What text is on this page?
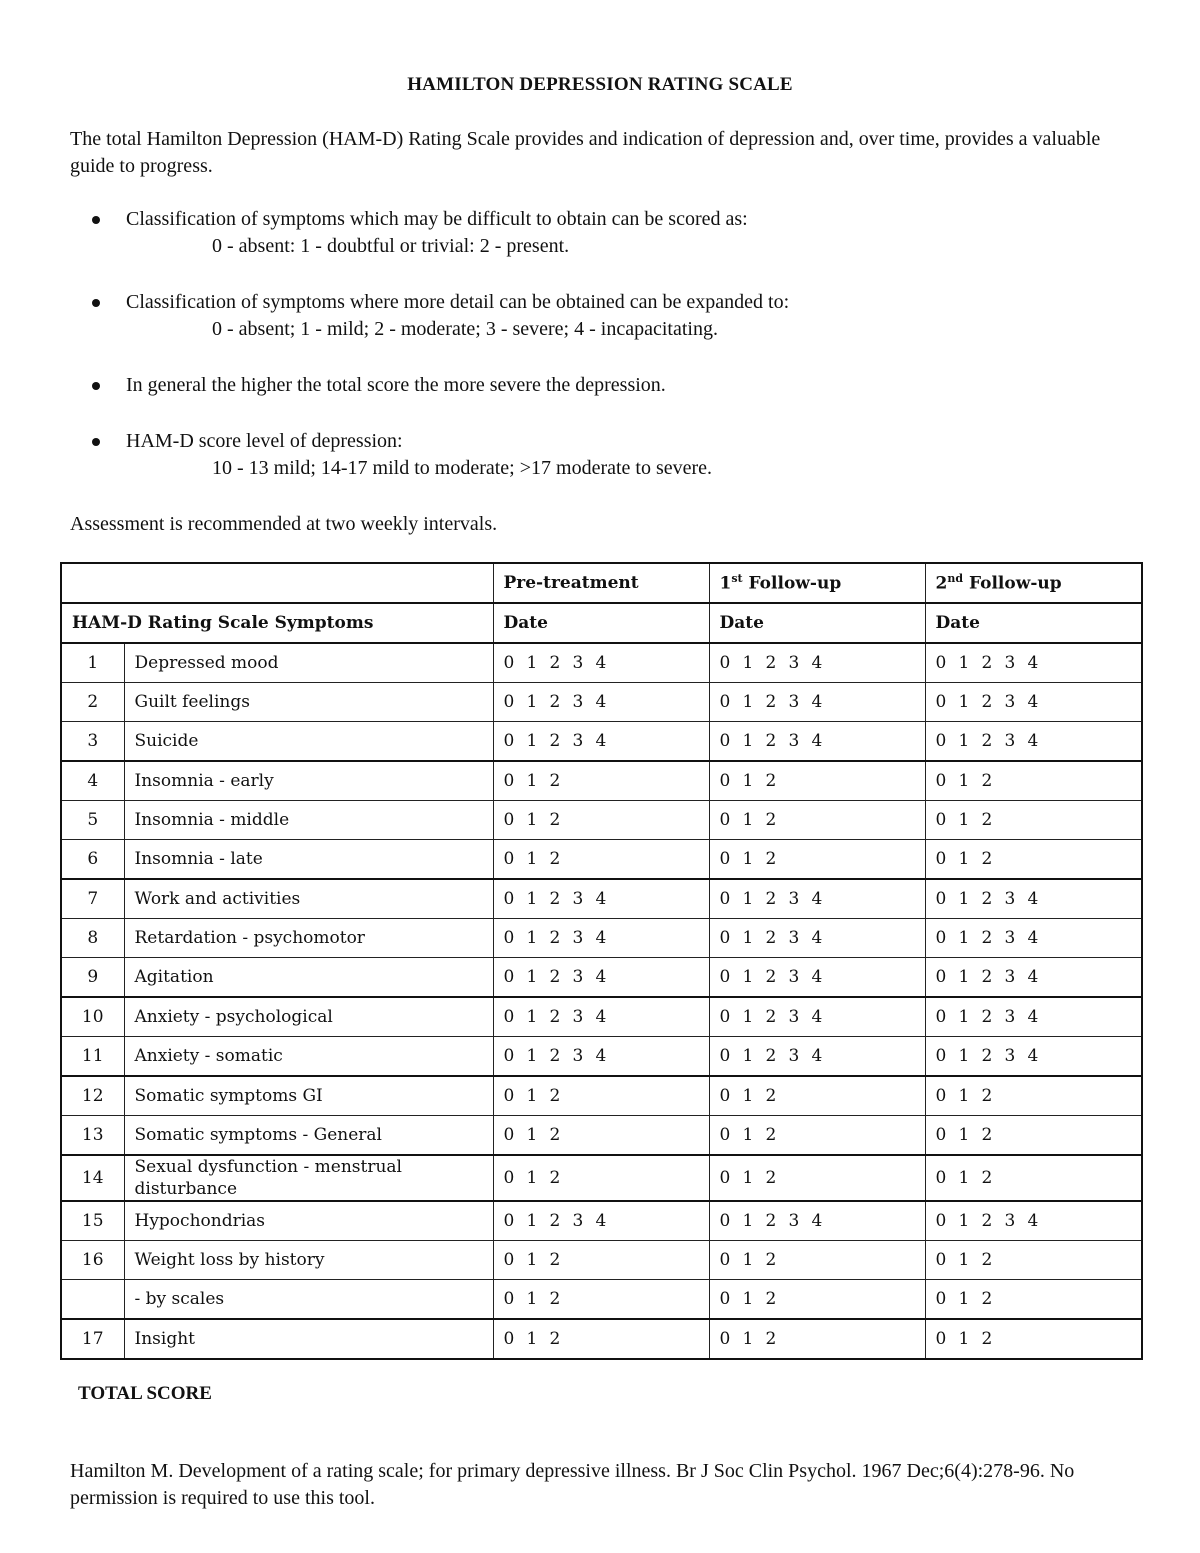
HAMILTON DEPRESSION RATING SCALE
The total Hamilton Depression (HAM-D) Rating Scale provides and indication of depression and, over time, provides a valuable guide to progress.
Classification of symptoms which may be difficult to obtain can be scored as:
0 - absent: 1 - doubtful or trivial: 2 - present.
Classification of symptoms where more detail can be obtained can be expanded to:
0 - absent; 1 - mild; 2 - moderate; 3 - severe; 4 - incapacitating.
In general the higher the total score the more severe the depression.
HAM-D score level of depression:
10 - 13 mild; 14-17 mild to moderate; >17 moderate to severe.
Assessment is recommended at two weekly intervals.
		Pre-treatment	1st Follow-up	2nd Follow-up
HAM-D Rating Scale Symptoms		Date	Date	Date
1	Depressed mood	0 1 2 3 4	0 1 2 3 4	0 1 2 3 4
2	Guilt feelings	0 1 2 3 4	0 1 2 3 4	0 1 2 3 4
3	Suicide	0 1 2 3 4	0 1 2 3 4	0 1 2 3 4
4	Insomnia - early	0 1 2	0 1 2	0 1 2
5	Insomnia - middle	0 1 2	0 1 2	0 1 2
6	Insomnia - late	0 1 2	0 1 2	0 1 2
7	Work and activities	0 1 2 3 4	0 1 2 3 4	0 1 2 3 4
8	Retardation - psychomotor	0 1 2 3 4	0 1 2 3 4	0 1 2 3 4
9	Agitation	0 1 2 3 4	0 1 2 3 4	0 1 2 3 4
10	Anxiety - psychological	0 1 2 3 4	0 1 2 3 4	0 1 2 3 4
11	Anxiety - somatic	0 1 2 3 4	0 1 2 3 4	0 1 2 3 4
12	Somatic symptoms GI	0 1 2	0 1 2	0 1 2
13	Somatic symptoms - General	0 1 2	0 1 2	0 1 2
14	Sexual dysfunction - menstrual disturbance	0 1 2	0 1 2	0 1 2
15	Hypochondrias	0 1 2 3 4	0 1 2 3 4	0 1 2 3 4
16	Weight loss by history	0 1 2	0 1 2	0 1 2
	- by scales	0 1 2	0 1 2	0 1 2
17	Insight	0 1 2	0 1 2	0 1 2
TOTAL SCORE
Hamilton M. Development of a rating scale; for primary depressive illness. Br J Soc Clin Psychol. 1967 Dec;6(4):278-96. No permission is required to use this tool.
